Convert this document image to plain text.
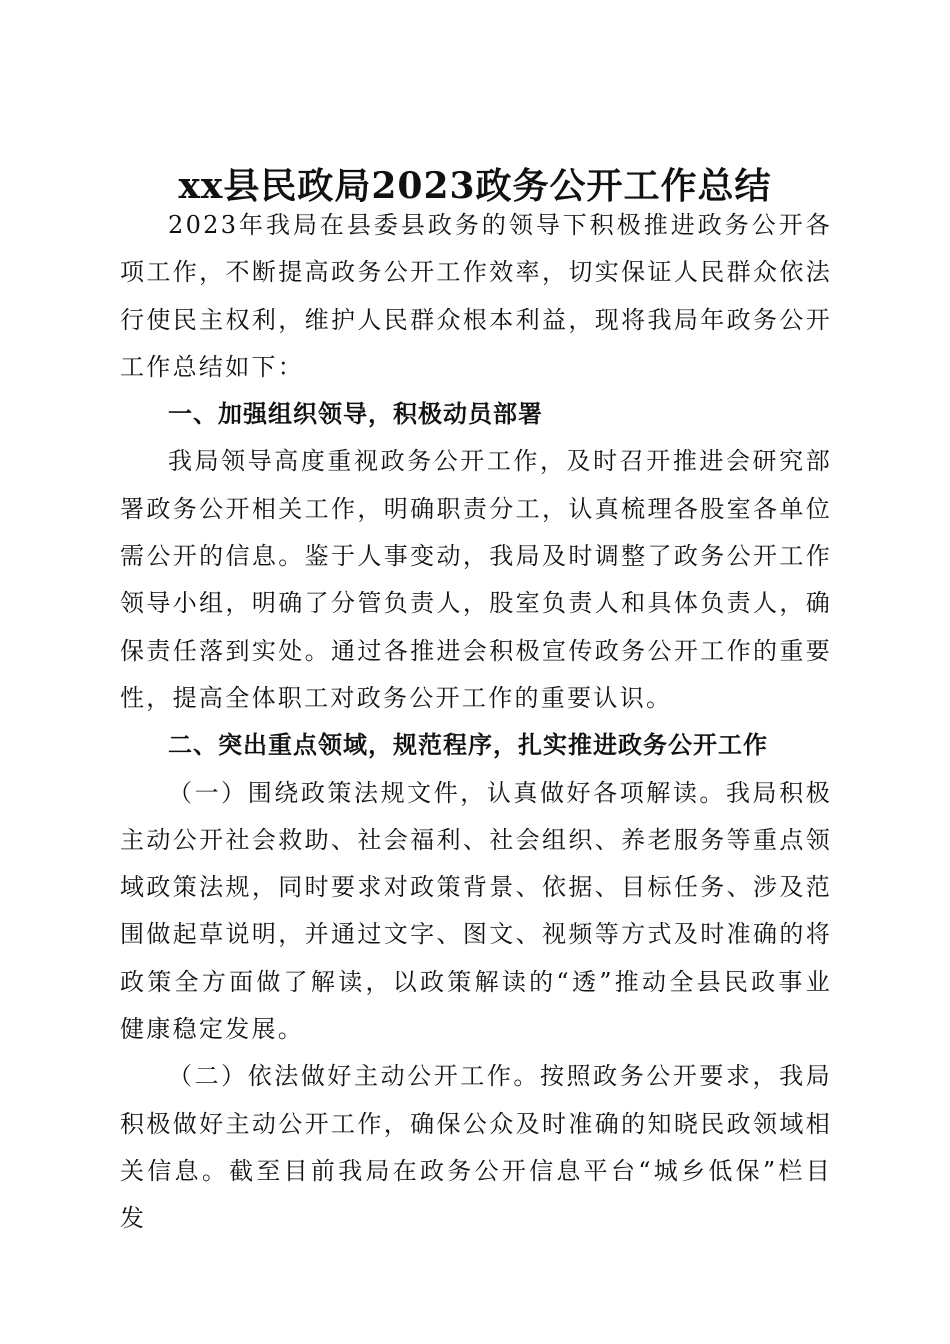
xx县民政局2023政务公开工作总结

2023年我局在县委县政务的领导下积极推进政务公开各项工作，不断提高政务公开工作效率，切实保证人民群众依法行使民主权利，维护人民群众根本利益，现将我局年政务公开工作总结如下：

一、加强组织领导，积极动员部署

我局领导高度重视政务公开工作，及时召开推进会研究部署政务公开相关工作，明确职责分工，认真梳理各股室各单位需公开的信息。鉴于人事变动，我局及时调整了政务公开工作领导小组，明确了分管负责人，股室负责人和具体负责人，确保责任落到实处。通过各推进会积极宣传政务公开工作的重要性，提高全体职工对政务公开工作的重要认识。

二、突出重点领域，规范程序，扎实推进政务公开工作

（一）围绕政策法规文件，认真做好各项解读。我局积极主动公开社会救助、社会福利、社会组织、养老服务等重点领域政策法规，同时要求对政策背景、依据、目标任务、涉及范围做起草说明，并通过文字、图文、视频等方式及时准确的将政策全方面做了解读，以政策解读的“透”推动全县民政事业健康稳定发展。

（二）依法做好主动公开工作。按照政务公开要求，我局积极做好主动公开工作，确保公众及时准确的知晓民政领域相关信息。截至目前我局在政务公开信息平台“城乡低保”栏目发
